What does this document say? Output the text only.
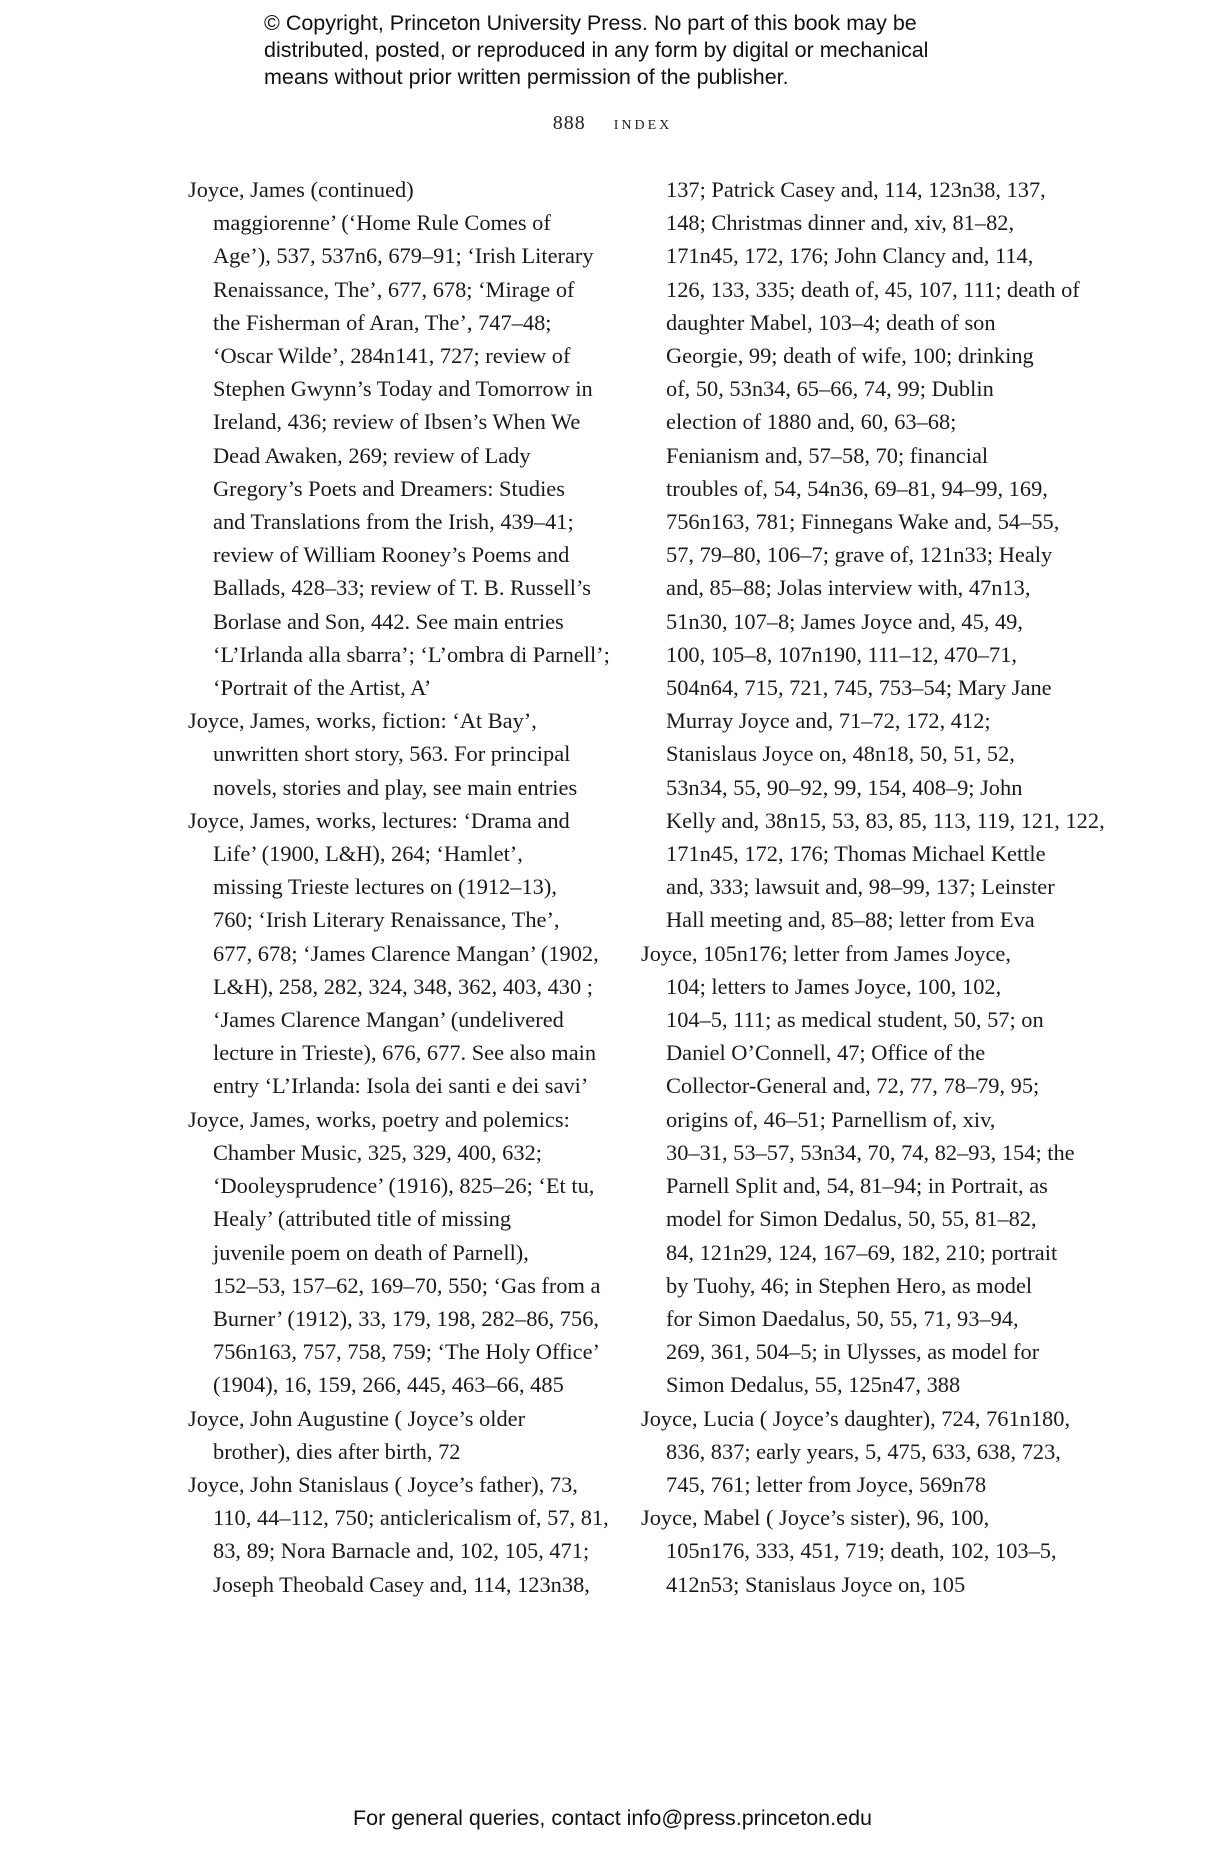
© Copyright, Princeton University Press. No part of this book may be
distributed, posted, or reproduced in any form by digital or mechanical
means without prior written permission of the publisher.
888 index
Joyce, James (continued)
maggiorenne’ (‘Home Rule Comes of
Age’), 537, 537n6, 679–91; ‘Irish Literary
Renaissance, The’, 677, 678; ‘Mirage of
the Fisherman of Aran, The’, 747–48;
‘Oscar Wilde’, 284n141, 727; review of
Stephen Gwynn’s Today and Tomorrow in
Ireland, 436; review of Ibsen’s When We
Dead Awaken, 269; review of Lady
Gregory’s Poets and Dreamers: Studies
and Translations from the Irish, 439–41;
review of William Rooney’s Poems and
Ballads, 428–33; review of T. B. Russell’s
Borlase and Son, 442. See main entries
‘L’Irlanda alla sbarra’; ‘L’ombra di Parnell’;
‘Portrait of the Artist, A’
Joyce, James, works, fiction: ‘At Bay’,
unwritten short story, 563. For principal
novels, stories and play, see main entries
Joyce, James, works, lectures: ‘Drama and
Life’ (1900, L&H), 264; ‘Hamlet’,
missing Trieste lectures on (1912–13),
760; ‘Irish Literary Renaissance, The’,
677, 678; ‘James Clarence Mangan’ (1902,
L&H), 258, 282, 324, 348, 362, 403, 430 ;
‘James Clarence Mangan’ (undelivered
lecture in Trieste), 676, 677. See also main
entry ‘L’Irlanda: Isola dei santi e dei savi’
Joyce, James, works, poetry and polemics:
Chamber Music, 325, 329, 400, 632;
‘Dooleysprudence’ (1916), 825–26; ‘Et tu,
Healy’ (attributed title of missing
juvenile poem on death of Parnell),
152–53, 157–62, 169–70, 550; ‘Gas from a
Burner’ (1912), 33, 179, 198, 282–86, 756,
756n163, 757, 758, 759; ‘The Holy Office’
(1904), 16, 159, 266, 445, 463–66, 485
Joyce, John Augustine ( Joyce’s older
brother), dies after birth, 72
Joyce, John Stanislaus ( Joyce’s father), 73,
110, 44–112, 750; anticlericalism of, 57, 81,
83, 89; Nora Barnacle and, 102, 105, 471;
Joseph Theobald Casey and, 114, 123n38,
137; Patrick Casey and, 114, 123n38, 137,
148; Christmas dinner and, xiv, 81–82,
171n45, 172, 176; John Clancy and, 114,
126, 133, 335; death of, 45, 107, 111; death of
daughter Mabel, 103–4; death of son
Georgie, 99; death of wife, 100; drinking
of, 50, 53n34, 65–66, 74, 99; Dublin
election of 1880 and, 60, 63–68;
Fenianism and, 57–58, 70; financial
troubles of, 54, 54n36, 69–81, 94–99, 169,
756n163, 781; Finnegans Wake and, 54–55,
57, 79–80, 106–7; grave of, 121n33; Healy
and, 85–88; Jolas interview with, 47n13,
51n30, 107–8; James Joyce and, 45, 49,
100, 105–8, 107n190, 111–12, 470–71,
504n64, 715, 721, 745, 753–54; Mary Jane
Murray Joyce and, 71–72, 172, 412;
Stanislaus Joyce on, 48n18, 50, 51, 52,
53n34, 55, 90–92, 99, 154, 408–9; John
Kelly and, 38n15, 53, 83, 85, 113, 119, 121, 122,
171n45, 172, 176; Thomas Michael Kettle
and, 333; lawsuit and, 98–99, 137; Leinster
Hall meeting and, 85–88; letter from Eva
Joyce, 105n176; letter from James Joyce,
104; letters to James Joyce, 100, 102,
104–5, 111; as medical student, 50, 57; on
Daniel O’Connell, 47; Office of the
Collector-General and, 72, 77, 78–79, 95;
origins of, 46–51; Parnellism of, xiv,
30–31, 53–57, 53n34, 70, 74, 82–93, 154; the
Parnell Split and, 54, 81–94; in Portrait, as
model for Simon Dedalus, 50, 55, 81–82,
84, 121n29, 124, 167–69, 182, 210; portrait
by Tuohy, 46; in Stephen Hero, as model
for Simon Daedalus, 50, 55, 71, 93–94,
269, 361, 504–5; in Ulysses, as model for
Simon Dedalus, 55, 125n47, 388
Joyce, Lucia ( Joyce’s daughter), 724, 761n180,
836, 837; early years, 5, 475, 633, 638, 723,
745, 761; letter from Joyce, 569n78
Joyce, Mabel ( Joyce’s sister), 96, 100,
105n176, 333, 451, 719; death, 102, 103–5,
412n53; Stanislaus Joyce on, 105
For general queries, contact info@press.princeton.edu
